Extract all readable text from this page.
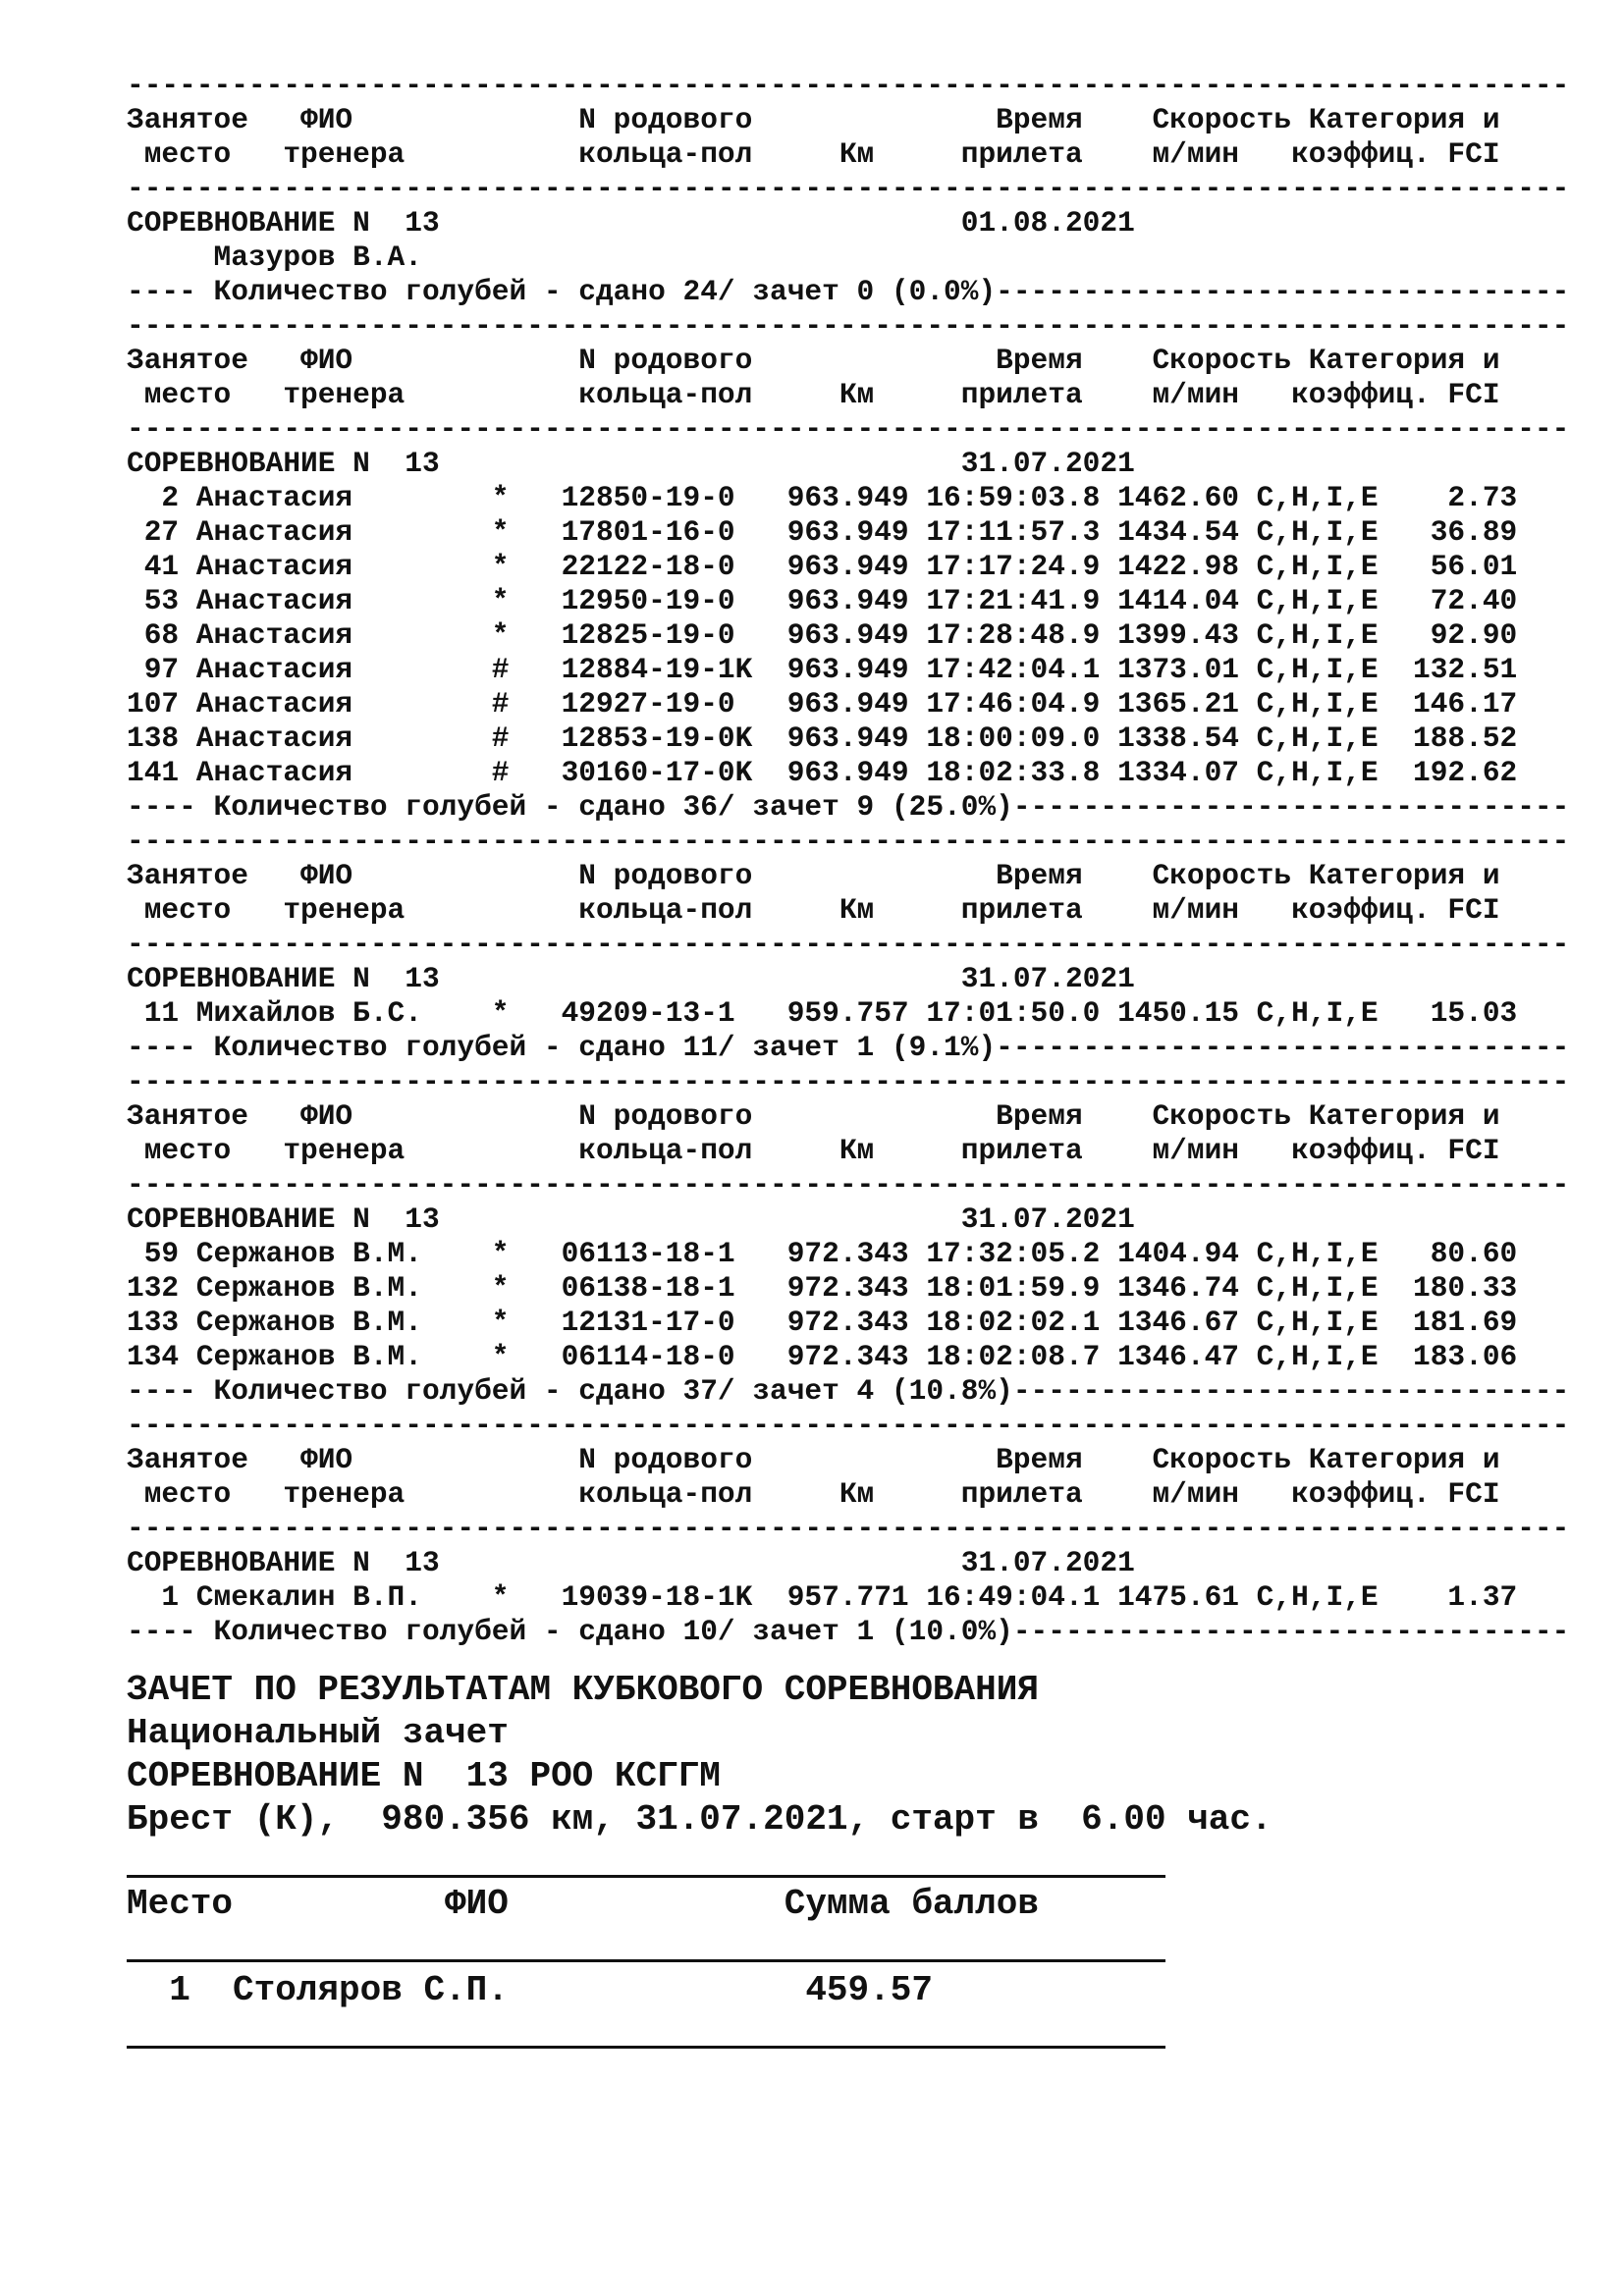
-----------------------------------------------------------------------------------
Занятое   ФИО             N родового              Время    Скорость Категория и
место   тренера          кольца-пол     Км     прилета    м/мин   коэффиц. FCI
-----------------------------------------------------------------------------------
СОРЕВНОВАНИЕ N  13                              01.08.2021
Мазуров В.А.
---- Количество голубей - сдано 24/ зачет 0 (0.0%)---------------------------------
-----------------------------------------------------------------------------------
Занятое   ФИО             N родового              Время    Скорость Категория и
место   тренера          кольца-пол     Км     прилета    м/мин   коэффиц. FCI
-----------------------------------------------------------------------------------
СОРЕВНОВАНИЕ N  13                              31.07.2021
2 Анастасия        *   12850-19-0   963.949 16:59:03.8 1462.60 C,H,I,E    2.73
27 Анастасия        *   17801-16-0   963.949 17:11:57.3 1434.54 C,H,I,E   36.89
41 Анастасия        *   22122-18-0   963.949 17:17:24.9 1422.98 C,H,I,E   56.01
53 Анастасия        *   12950-19-0   963.949 17:21:41.9 1414.04 C,H,I,E   72.40
68 Анастасия        *   12825-19-0   963.949 17:28:48.9 1399.43 C,H,I,E   92.90
97 Анастасия        #   12884-19-1K  963.949 17:42:04.1 1373.01 C,H,I,E  132.51
107 Анастасия        #   12927-19-0   963.949 17:46:04.9 1365.21 C,H,I,E  146.17
138 Анастасия        #   12853-19-0K  963.949 18:00:09.0 1338.54 C,H,I,E  188.52
141 Анастасия        #   30160-17-0K  963.949 18:02:33.8 1334.07 C,H,I,E  192.62
---- Количество голубей - сдано 36/ зачет 9 (25.0%)--------------------------------
-----------------------------------------------------------------------------------
Занятое   ФИО             N родового              Время    Скорость Категория и
место   тренера          кольца-пол     Км     прилета    м/мин   коэффиц. FCI
-----------------------------------------------------------------------------------
СОРЕВНОВАНИЕ N  13                              31.07.2021
11 Михайлов Б.С.    *   49209-13-1   959.757 17:01:50.0 1450.15 C,H,I,E   15.03
---- Количество голубей - сдано 11/ зачет 1 (9.1%)---------------------------------
-----------------------------------------------------------------------------------
Занятое   ФИО             N родового              Время    Скорость Категория и
место   тренера          кольца-пол     Км     прилета    м/мин   коэффиц. FCI
-----------------------------------------------------------------------------------
СОРЕВНОВАНИЕ N  13                              31.07.2021
59 Сержанов В.М.    *   06113-18-1   972.343 17:32:05.2 1404.94 C,H,I,E   80.60
132 Сержанов В.М.    *   06138-18-1   972.343 18:01:59.9 1346.74 C,H,I,E  180.33
133 Сержанов В.М.    *   12131-17-0   972.343 18:02:02.1 1346.67 C,H,I,E  181.69
134 Сержанов В.М.    *   06114-18-0   972.343 18:02:08.7 1346.47 C,H,I,E  183.06
---- Количество голубей - сдано 37/ зачет 4 (10.8%)--------------------------------
-----------------------------------------------------------------------------------
Занятое   ФИО             N родового              Время    Скорость Категория и
место   тренера          кольца-пол     Км     прилета    м/мин   коэффиц. FCI
-----------------------------------------------------------------------------------
СОРЕВНОВАНИЕ N  13                              31.07.2021
1 Смекалин В.П.    *   19039-18-1K  957.771 16:49:04.1 1475.61 C,H,I,E    1.37
---- Количество голубей - сдано 10/ зачет 1 (10.0%)--------------------------------
ЗАЧЕТ ПО РЕЗУЛЬТАТАМ КУБКОВОГО СОРЕВНОВАНИЯ
Национальный зачет
СОРЕВНОВАНИЕ N  13 РОО КСГГМ
Брест (К),  980.356 км, 31.07.2021, старт в  6.00 час.
Место          ФИО             Сумма баллов
1  Столяров С.П.              459.57
